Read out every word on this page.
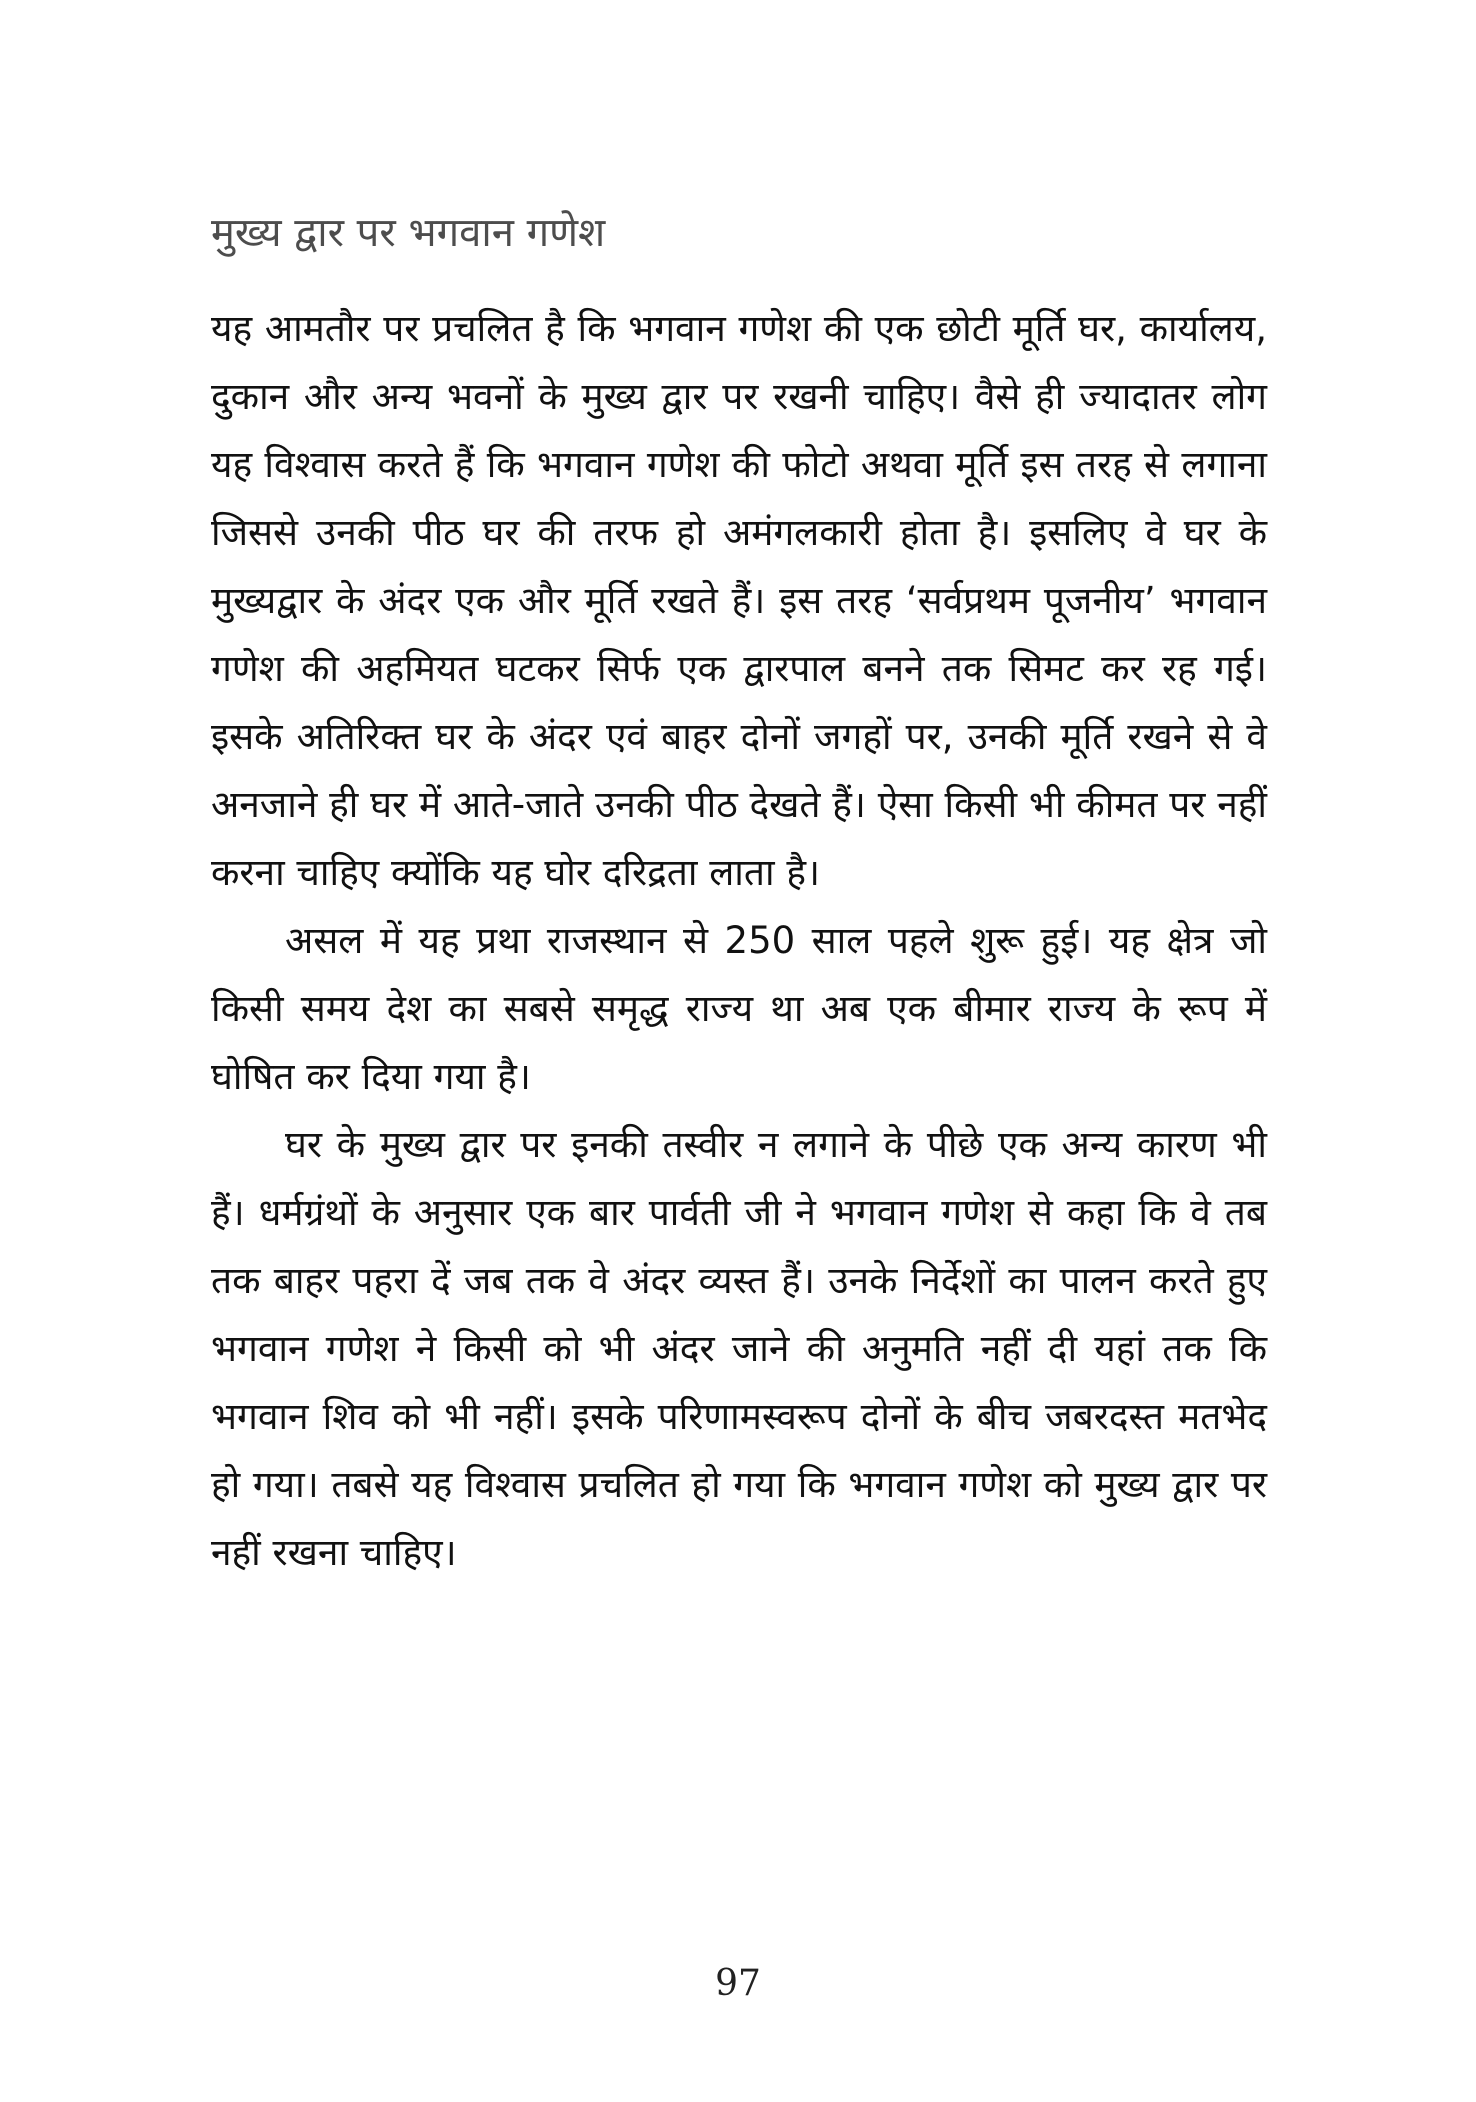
मुख्य द्वार पर भगवान गणेश

यह आमतौर पर प्रचलित है कि भगवान गणेश की एक छोटी मूर्ति घर, कार्यालय, दुकान और अन्य भवनों के मुख्य द्वार पर रखनी चाहिए। वैसे ही ज्यादातर लोग यह विश्वास करते हैं कि भगवान गणेश की फोटो अथवा मूर्ति इस तरह से लगाना जिससे उनकी पीठ घर की तरफ हो अमंगलकारी होता है। इसलिए वे घर के मुख्यद्वार के अंदर एक और मूर्ति रखते हैं। इस तरह ‘सर्वप्रथम पूजनीय’ भगवान गणेश की अहमियत घटकर सिर्फ एक द्वारपाल बनने तक सिमट कर रह गई। इसके अतिरिक्त घर के अंदर एवं बाहर दोनों जगहों पर, उनकी मूर्ति रखने से वे अनजाने ही घर में आते-जाते उनकी पीठ देखते हैं। ऐसा किसी भी कीमत पर नहीं करना चाहिए क्योंकि यह घोर दरिद्रता लाता है।

असल में यह प्रथा राजस्थान से 250 साल पहले शुरू हुई। यह क्षेत्र जो किसी समय देश का सबसे समृद्ध राज्य था अब एक बीमार राज्य के रूप में घोषित कर दिया गया है।

घर के मुख्य द्वार पर इनकी तस्वीर न लगाने के पीछे एक अन्य कारण भी हैं। धर्मग्रंथों के अनुसार एक बार पार्वती जी ने भगवान गणेश से कहा कि वे तब तक बाहर पहरा दें जब तक वे अंदर व्यस्त हैं। उनके निर्देशों का पालन करते हुए भगवान गणेश ने किसी को भी अंदर जाने की अनुमति नहीं दी यहां तक कि भगवान शिव को भी नहीं। इसके परिणामस्वरूप दोनों के बीच जबरदस्त मतभेद हो गया। तबसे यह विश्वास प्रचलित हो गया कि भगवान गणेश को मुख्य द्वार पर नहीं रखना चाहिए।

97
